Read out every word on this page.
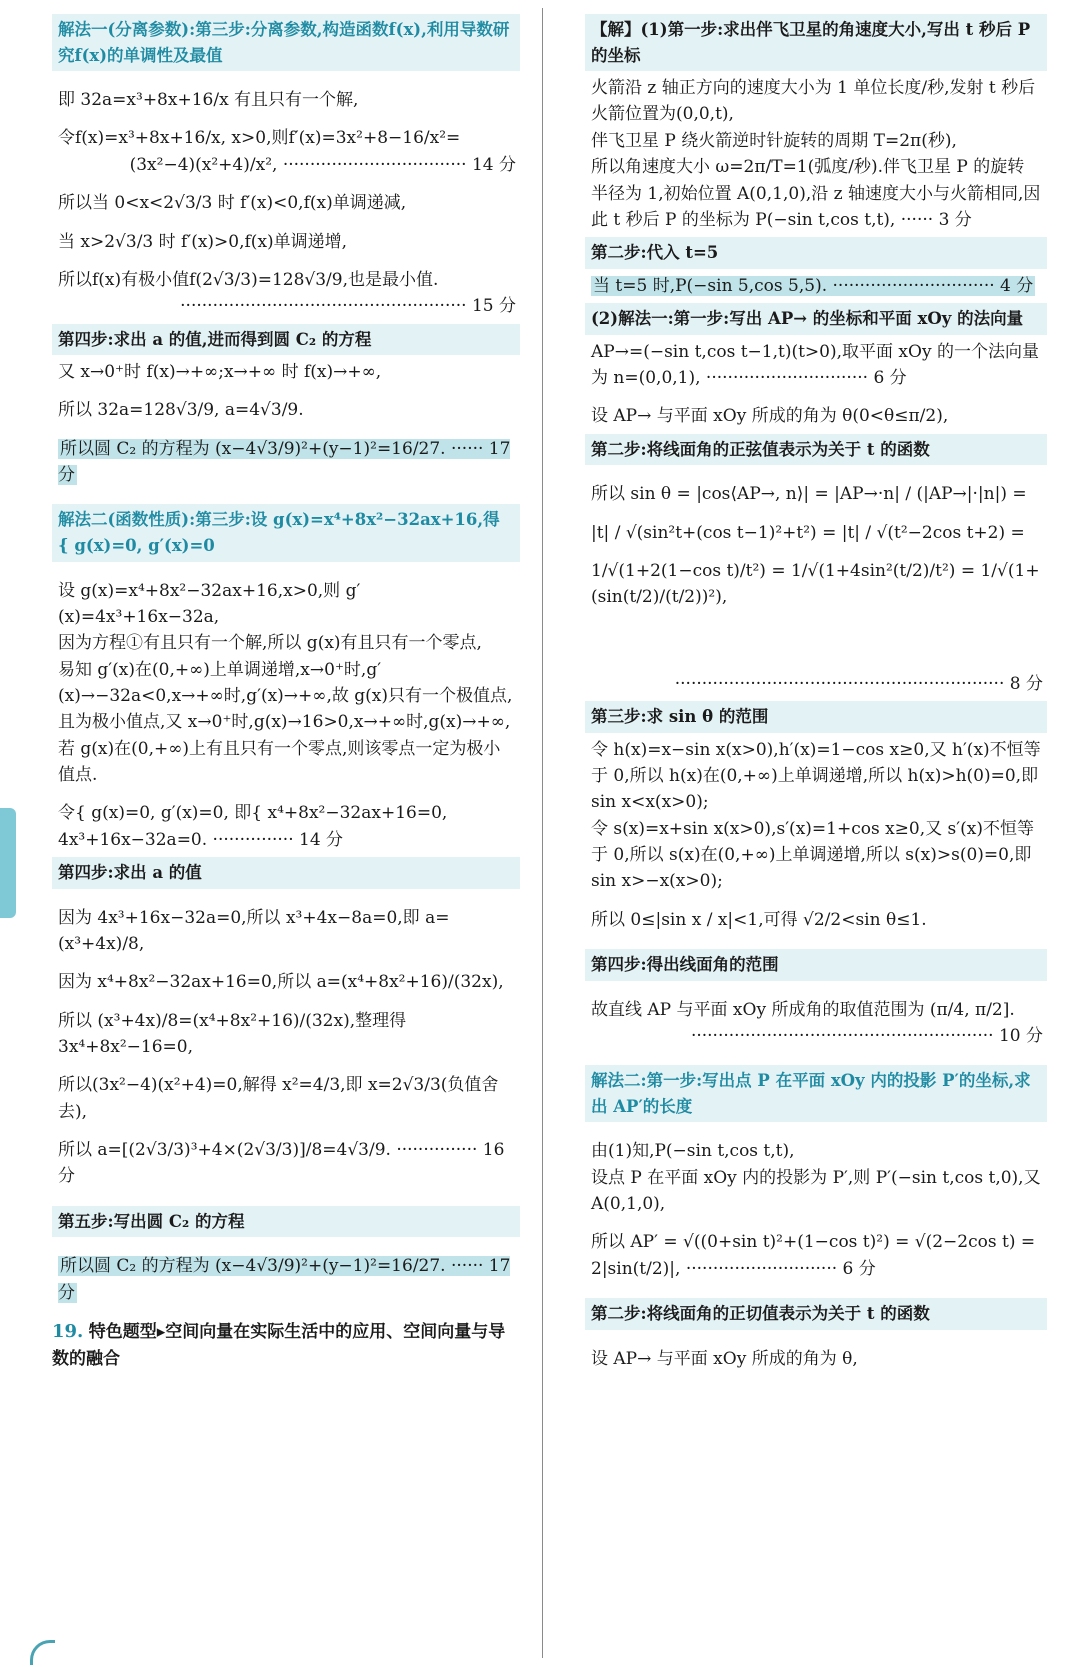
解法一(分离参数):第三步:分离参数,构造函数f(x),利用导数研究f(x)的单调性及最值

即 32a=x³+8x+16/x 有且只有一个解,

令f(x)=x³+8x+16/x, x>0,则f′(x)=3x²+8−16/x²=

(3x²−4)(x²+4)/x², ·································· 14 分

所以当 0<x<2√3/3 时 f′(x)<0,f(x)单调递减,

当 x>2√3/3 时 f′(x)>0,f(x)单调递增,

所以f(x)有极小值f(2√3/3)=128√3/9,也是最小值.

····················································· 15 分

第四步:求出 a 的值,进而得到圆 C₂ 的方程

又 x→0⁺时 f(x)→+∞;x→+∞ 时 f(x)→+∞,

所以 32a=128√3/9, a=4√3/9.

所以圆 C₂ 的方程为 (x−4√3/9)²+(y−1)²=16/27. ······ 17 分

解法二(函数性质):第三步:设 g(x)=x⁴+8x²−32ax+16,得 { g(x)=0, g′(x)=0

设 g(x)=x⁴+8x²−32ax+16,x>0,则 g′(x)=4x³+16x−32a,

因为方程①有且只有一个解,所以 g(x)有且只有一个零点,

易知 g′(x)在(0,+∞)上单调递增,x→0⁺时,g′(x)→−32a<0,x→+∞时,g′(x)→+∞,故 g(x)只有一个极值点,且为极小值点,又 x→0⁺时,g(x)→16>0,x→+∞时,g(x)→+∞,若 g(x)在(0,+∞)上有且只有一个零点,则该零点一定为极小值点.

令{ g(x)=0, g′(x)=0, 即{ x⁴+8x²−32ax+16=0, 4x³+16x−32a=0. ··············· 14 分

第四步:求出 a 的值

因为 4x³+16x−32a=0,所以 x³+4x−8a=0,即 a=(x³+4x)/8,

因为 x⁴+8x²−32ax+16=0,所以 a=(x⁴+8x²+16)/(32x),

所以 (x³+4x)/8=(x⁴+8x²+16)/(32x),整理得 3x⁴+8x²−16=0,

所以(3x²−4)(x²+4)=0,解得 x²=4/3,即 x=2√3/3(负值舍去),

所以 a=[(2√3/3)³+4×(2√3/3)]/8=4√3/9. ··············· 16 分

第五步:写出圆 C₂ 的方程

所以圆 C₂ 的方程为 (x−4√3/9)²+(y−1)²=16/27. ······ 17 分

19. 特色题型▸空间向量在实际生活中的应用、空间向量与导数的融合

【解】(1)第一步:求出伴飞卫星的角速度大小,写出 t 秒后 P 的坐标

火箭沿 z 轴正方向的速度大小为 1 单位长度/秒,发射 t 秒后火箭位置为(0,0,t),

伴飞卫星 P 绕火箭逆时针旋转的周期 T=2π(秒),

所以角速度大小 ω=2π/T=1(弧度/秒).伴飞卫星 P 的旋转半径为 1,初始位置 A(0,1,0),沿 z 轴速度大小与火箭相同,因此 t 秒后 P 的坐标为 P(−sin t,cos t,t), ······ 3 分

第二步:代入 t=5

当 t=5 时,P(−sin 5,cos 5,5). ······························ 4 分

(2)解法一:第一步:写出 AP→ 的坐标和平面 xOy 的法向量

AP→=(−sin t,cos t−1,t)(t>0),取平面 xOy 的一个法向量为 n=(0,0,1), ······························ 6 分

设 AP→ 与平面 xOy 所成的角为 θ(0<θ≤π/2),

第二步:将线面角的正弦值表示为关于 t 的函数

所以 sin θ = |cos⟨AP→, n⟩| = |AP→·n| / (|AP→|·|n|) =

|t| / √(sin²t+(cos t−1)²+t²) = |t| / √(t²−2cos t+2) =

1/√(1+2(1−cos t)/t²) = 1/√(1+4sin²(t/2)/t²) = 1/√(1+(sin(t/2)/(t/2))²),

····························································· 8 分

第三步:求 sin θ 的范围

令 h(x)=x−sin x(x>0),h′(x)=1−cos x≥0,又 h′(x)不恒等于 0,所以 h(x)在(0,+∞)上单调递增,所以 h(x)>h(0)=0,即 sin x<x(x>0);

令 s(x)=x+sin x(x>0),s′(x)=1+cos x≥0,又 s′(x)不恒等于 0,所以 s(x)在(0,+∞)上单调递增,所以 s(x)>s(0)=0,即 sin x>−x(x>0);

所以 0≤|sin x / x|<1,可得 √2/2<sin θ≤1.

第四步:得出线面角的范围

故直线 AP 与平面 xOy 所成角的取值范围为 (π/4, π/2].

························································ 10 分

解法二:第一步:写出点 P 在平面 xOy 内的投影 P′的坐标,求出 AP′的长度

由(1)知,P(−sin t,cos t,t),

设点 P 在平面 xOy 内的投影为 P′,则 P′(−sin t,cos t,0),又 A(0,1,0),

所以 AP′ = √((0+sin t)²+(1−cos t)²) = √(2−2cos t) = 2|sin(t/2)|, ···························· 6 分

第二步:将线面角的正切值表示为关于 t 的函数

设 AP→ 与平面 xOy 所成的角为 θ,
